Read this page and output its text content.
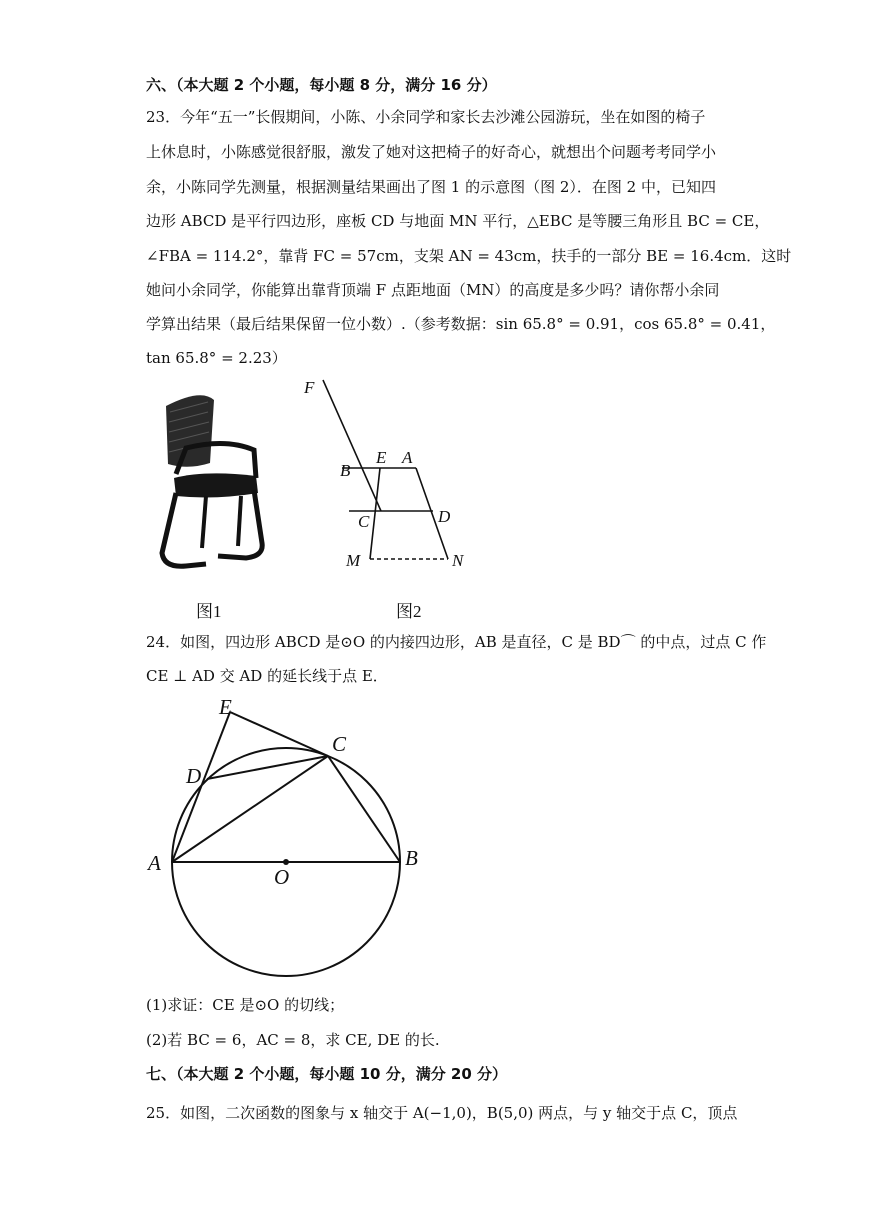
六、（本大题 2 个小题，每小题 8 分，满分 16 分）
23．今年“五一”长假期间，小陈、小余同学和家长去沙滩公园游玩，坐在如图的椅子
上休息时，小陈感觉很舒服，激发了她对这把椅子的好奇心，就想出个问题考考同学小
余，小陈同学先测量，根据测量结果画出了图 1 的示意图（图 2）．在图 2 中，已知四
边形 ABCD 是平行四边形，座板 CD 与地面 MN 平行，△EBC 是等腰三角形且 BC = CE，
∠FBA = 114.2°，靠背 FC = 57cm，支架 AN = 43cm，扶手的一部分 BE = 16.4cm．这时
她问小余同学，你能算出靠背顶端 F 点距地面（MN）的高度是多少吗？请你帮小余同
学算出结果（最后结果保留一位小数）.（参考数据：sin 65.8° = 0.91，cos 65.8° = 0.41，
tan 65.8° = 2.23）
图1
F
B
E A
C	D
M	N
图2
24．如图，四边形 ABCD 是⊙O 的内接四边形，AB 是直径，C 是 BD⌒ 的中点，过点 C 作
CE ⊥ AD 交 AD 的延长线于点 E．
E
D
C
A
O
B
(1)求证：CE 是⊙O 的切线；
(2)若 BC = 6，AC = 8，求 CE, DE 的长.
七、（本大题 2 个小题，每小题 10 分，满分 20 分）
25．如图，二次函数的图象与 x 轴交于 A(−1,0)，B(5,0) 两点，与 y 轴交于点 C，顶点
